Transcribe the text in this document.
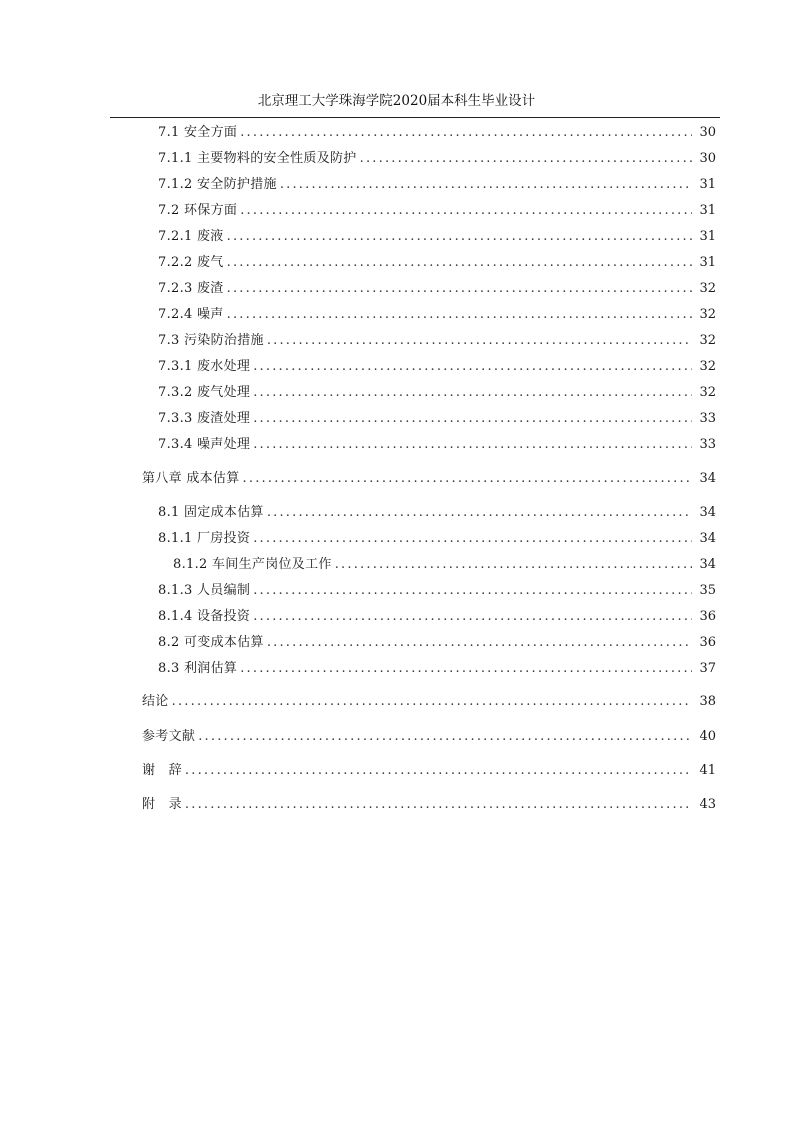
北京理工大学珠海学院2020届本科生毕业设计
7.1 安全方面 .....	30
7.1.1 主要物料的安全性质及防护 .....	30
7.1.2 安全防护措施 .....	31
7.2 环保方面 .....	31
7.2.1 废液 .....	31
7.2.2 废气 .....	31
7.2.3 废渣 .....	32
7.2.4 噪声 .....	32
7.3 污染防治措施 .....	32
7.3.1 废水处理 .....	32
7.3.2 废气处理 .....	32
7.3.3 废渣处理 .....	33
7.3.4 噪声处理 .....	33
第八章 成本估算 .....	34
8.1 固定成本估算 .....	34
8.1.1 厂房投资 .....	34
8.1.2 车间生产岗位及工作 .....	34
8.1.3 人员编制 .....	35
8.1.4 设备投资 .....	36
8.2 可变成本估算 .....	36
8.3 利润估算 .....	37
结论 .....	38
参考文献 .....	40
谢　辞 .....	41
附　录 .....	43
